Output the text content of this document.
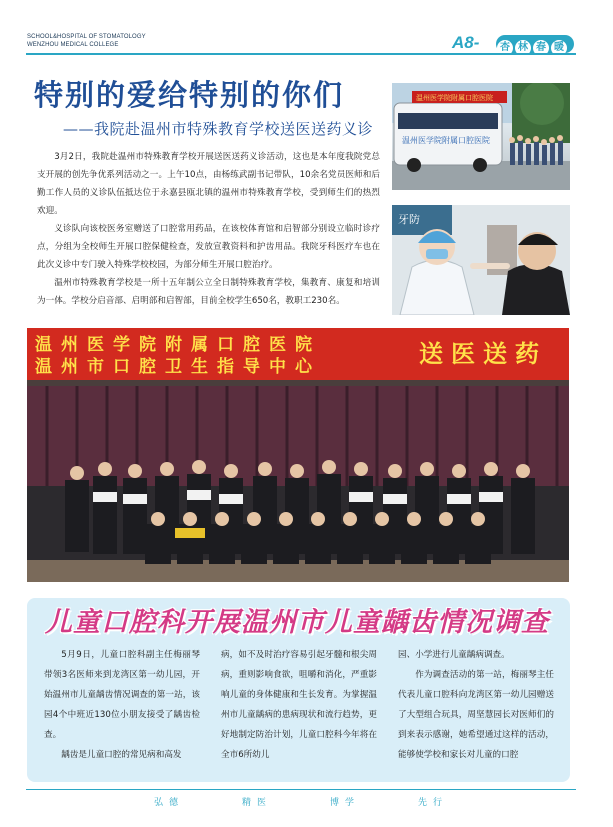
SCHOOL&HOSPITAL OF STOMATOLOGY
WENZHOU MEDICAL COLLEGE	A8-	杏 林 春 暖
特别的爱给特别的你们
——我院赴温州市特殊教育学校送医送药义诊

3月2日，我院赴温州市特殊教育学校开展送医送药义诊活动，这也是本年度我院党总支开展的创先争优系列活动之一。上午10点，由杨练武副书记带队，10余名党员医师和后勤工作人员的义诊队伍抵达位于永嘉县瓯北镇的温州市特殊教育学校，受到师生们的热烈欢迎。

义诊队向该校医务室赠送了口腔常用药品，在该校体育馆和启智部分别设立临时诊疗点，分组为全校师生开展口腔保健检查，发放宣教资料和护齿用品。我院牙科医疗车也在此次义诊中专门驶入特殊学校校园，为部分师生开展口腔治疗。

温州市特殊教育学校是一所十五年制公立全日制特殊教育学校，集教育、康复和培训为一体。学校分启音部、启明部和启智部，目前全校学生650名，教职工230名。

温州医学院附属口腔医院
温州医学院附属口腔医院
牙防
温州医学院附属口腔医院
温州市口腔卫生指导中心	送医送药
儿童口腔科开展温州市儿童龋齿情况调查

5月9日，儿童口腔科副主任梅丽琴带领3名医师来到龙湾区第一幼儿园，开始温州市儿童龋齿情况调查的第一站，该园4个中班近130位小朋友接受了龋齿检查。

龋齿是儿童口腔的常见病和高发

病，如不及时治疗容易引起牙髓和根尖周病，重则影响食欲，咀嚼和消化，严重影响儿童的身体健康和生长发育。为掌握温州市儿童龋病的患病现状和流行趋势，更好地制定防治计划，儿童口腔科今年将在全市6所幼儿

园、小学进行儿童龋病调查。

作为调查活动的第一站，梅丽琴主任代表儿童口腔科向龙湾区第一幼儿园赠送了大型组合玩具，周坚慧园长对医师们的到来表示感谢，她希望通过这样的活动，能够使学校和家长对儿童的口腔

弘德	精医	博学	先行
